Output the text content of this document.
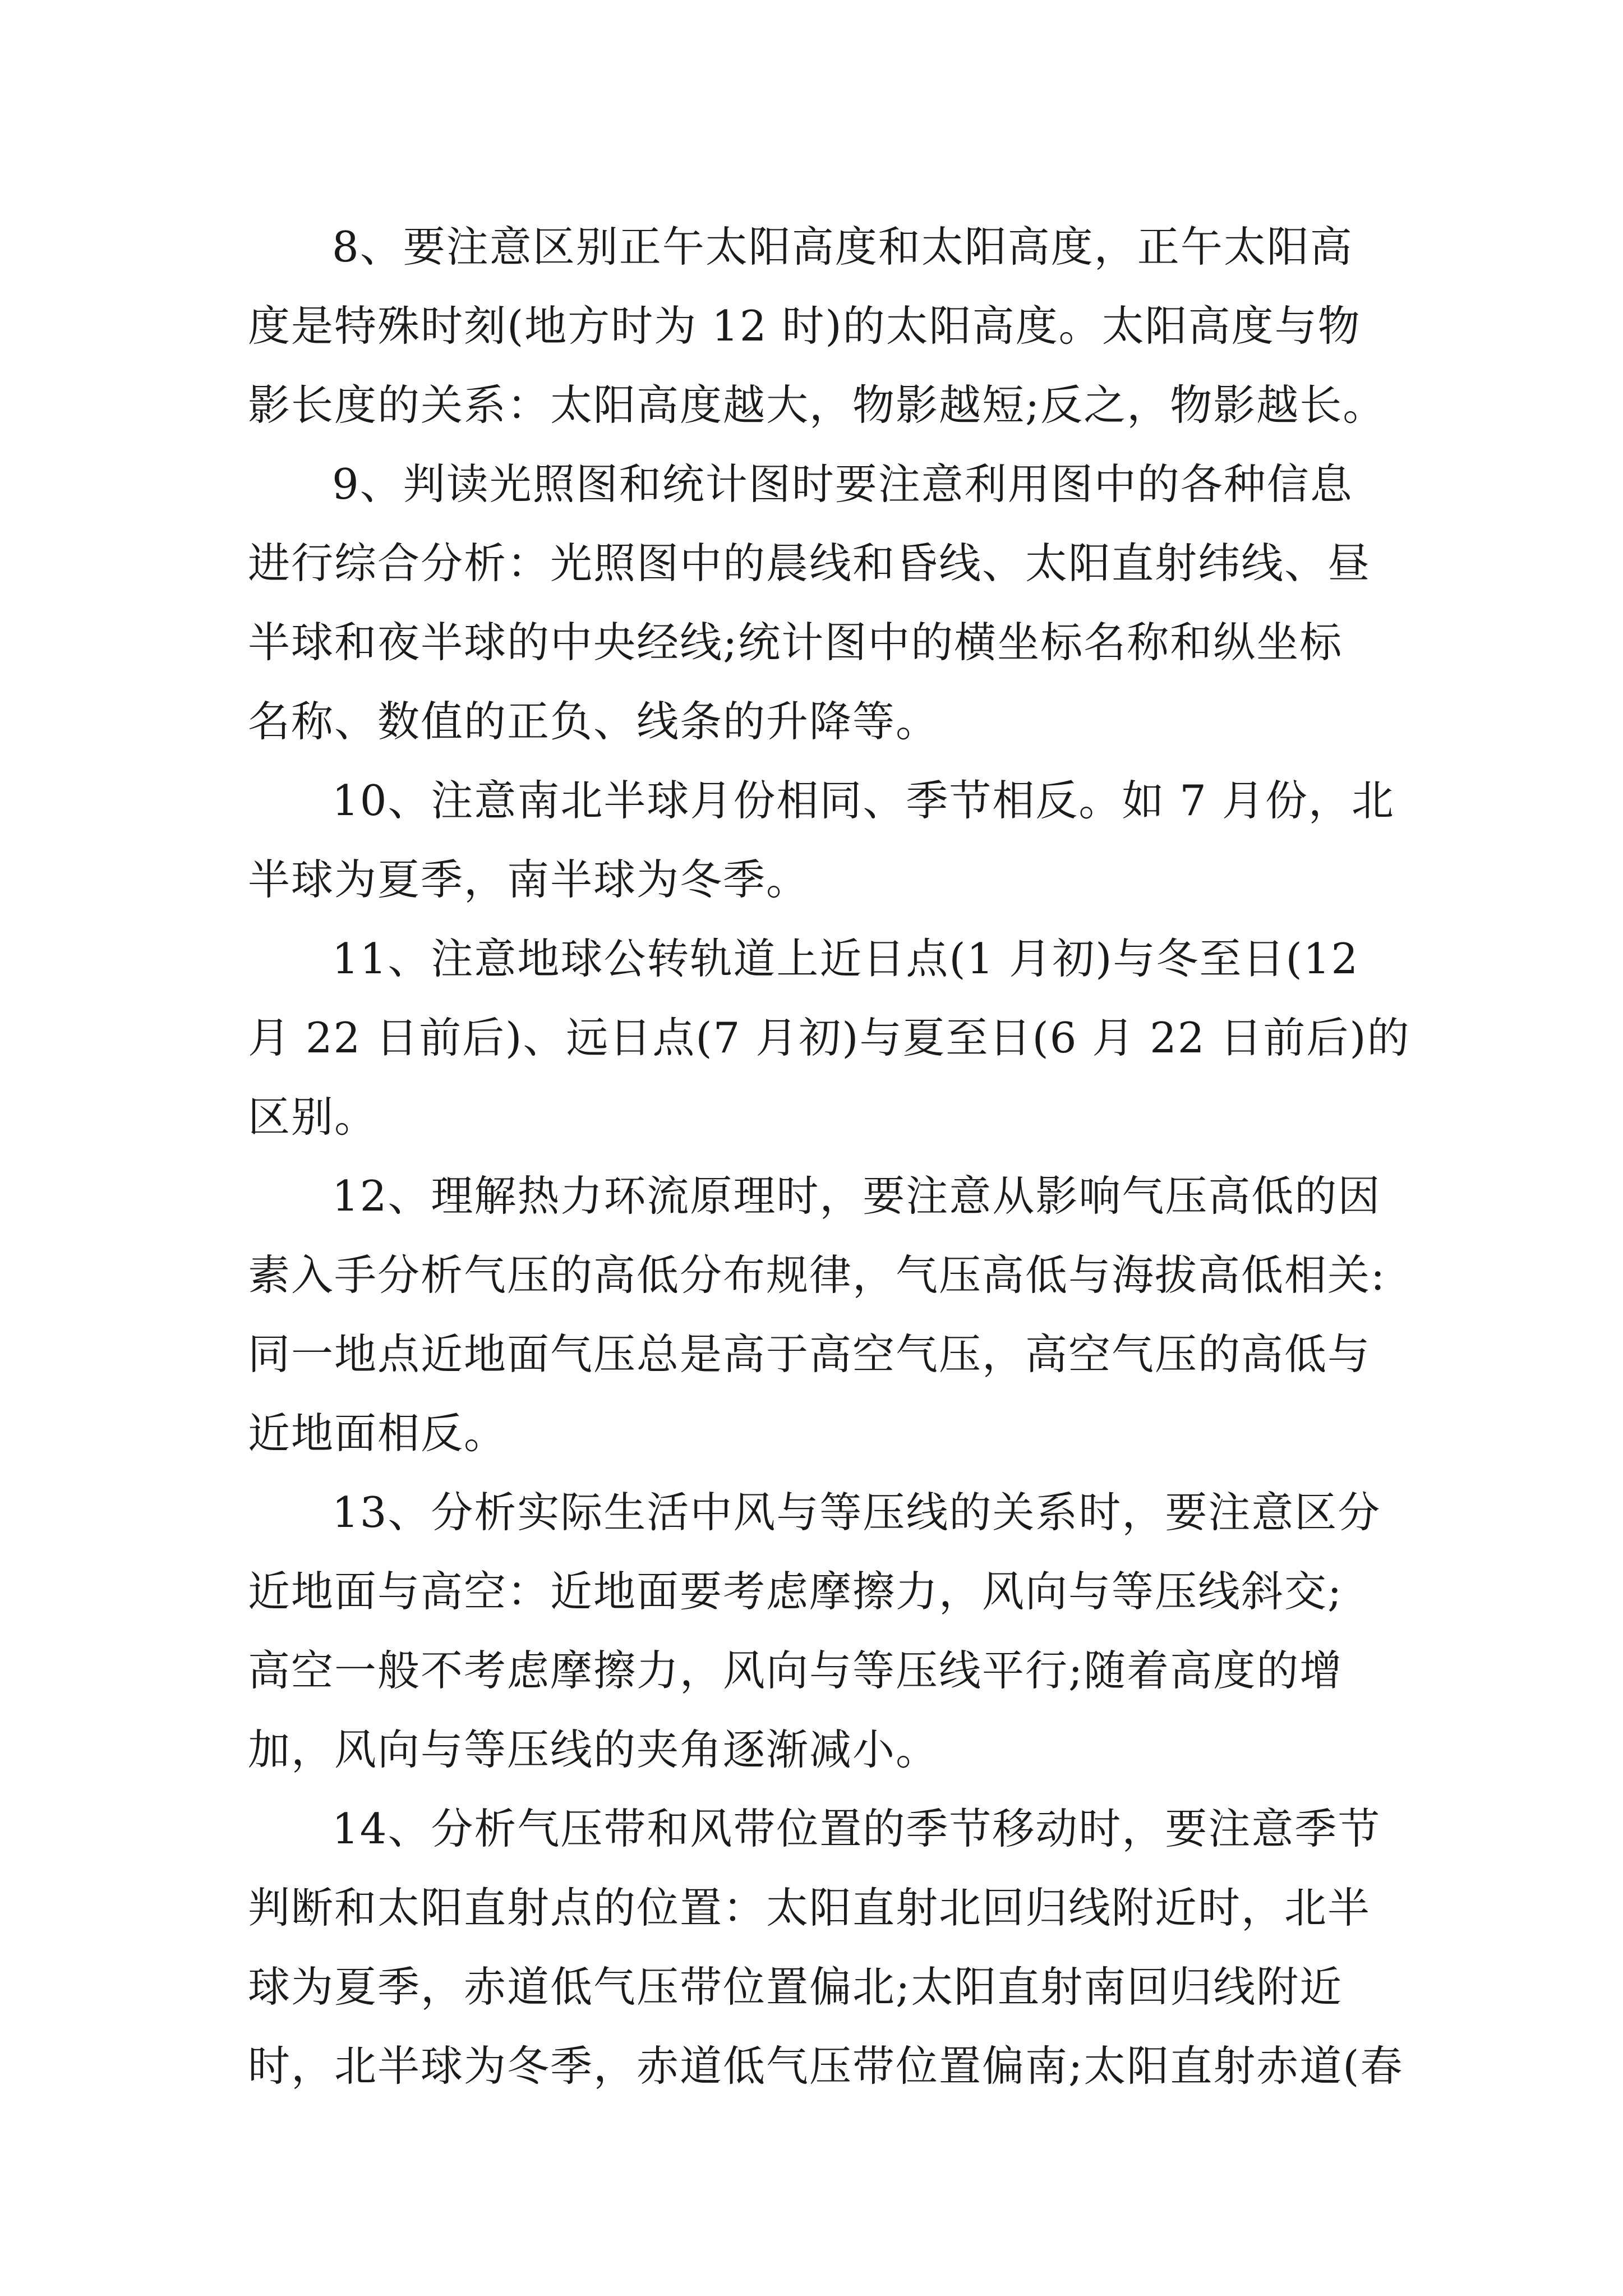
8、要注意区别正午太阳高度和太阳高度，正午太阳高
度是特殊时刻(地方时为 12 时)的太阳高度。太阳高度与物
影长度的关系：太阳高度越大，物影越短;反之，物影越长。

9、判读光照图和统计图时要注意利用图中的各种信息
进行综合分析：光照图中的晨线和昏线、太阳直射纬线、昼
半球和夜半球的中央经线;统计图中的横坐标名称和纵坐标
名称、数值的正负、线条的升降等。

10、注意南北半球月份相同、季节相反。如 7 月份，北
半球为夏季，南半球为冬季。

11、注意地球公转轨道上近日点(1 月初)与冬至日(12
月 22 日前后)、远日点(7 月初)与夏至日(6 月 22 日前后)的
区别。

12、理解热力环流原理时，要注意从影响气压高低的因
素入手分析气压的高低分布规律，气压高低与海拔高低相关:
同一地点近地面气压总是高于高空气压，高空气压的高低与
近地面相反。

13、分析实际生活中风与等压线的关系时，要注意区分
近地面与高空：近地面要考虑摩擦力，风向与等压线斜交;
高空一般不考虑摩擦力，风向与等压线平行;随着高度的增
加，风向与等压线的夹角逐渐减小。

14、分析气压带和风带位置的季节移动时，要注意季节
判断和太阳直射点的位置：太阳直射北回归线附近时，北半
球为夏季，赤道低气压带位置偏北;太阳直射南回归线附近
时，北半球为冬季，赤道低气压带位置偏南;太阳直射赤道(春
